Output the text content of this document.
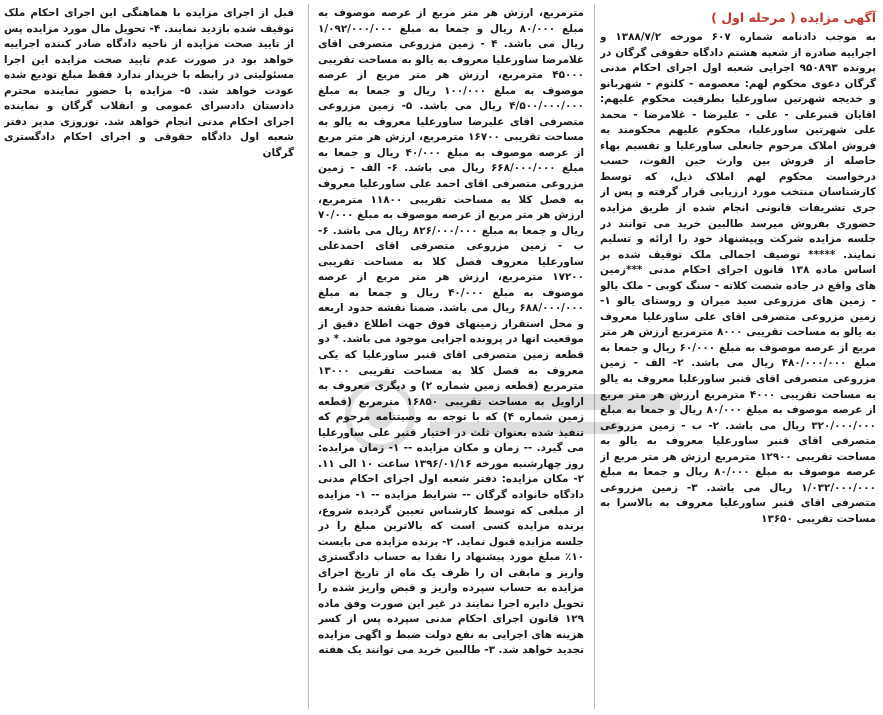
آگهی مزایده ( مرحله اول )
به موجب دادنامه شماره ۶۰۷ مورخه ۱۳۸۸/۷/۲ و اجراییه صادره از شعبه هشتم دادگاه حقوقی گرگان در پرونده ۹۵۰۸۹۳ اجرایی شعبه اول اجرای احکام مدنی گرگان دعوی محکوم لهم: معصومه - کلثوم - شهربانو و خدیجه شهرتین ساورعلیا بطرفیت محکوم علیهم: اقایان قنبرعلی - علی - علیرضا - غلامرضا - محمد علی شهرتین ساورعلیا، محکوم علیهم محکومند به فروش املاک مرحوم جانعلی ساورعلیا و تقسیم بهاء حاصله از فروش بین وارث حین الفوت، حسب درخواست محکوم لهم املاک ذیل، که توسط کارشناسان منتخب مورد ارزیابی قرار گرفته و پس از جری تشریفات قانونی انجام شده از طریق مزایده حضوری بفروش میرسد طالبین خرید می توانند در جلسه مزایده شرکت وپیشنهاد خود را ارائه و تسلیم نمایند. ***** توصیف اجمالی ملک توقیف شده بر اساس ماده ۱۳۸ قانون اجرای احکام مدنی ***زمین های واقع در جاده شصت کلاته - سنگ کوبی - ملک یالو - زمین های مزروعی سید میران و روستای یالو ۱- زمین مزروعی متصرفی اقای علی ساورعلیا معروف به یالو به مساحت تقریبی ۸۰۰۰ مترمربع ارزش هر متر مربع از عرصه موصوف به مبلغ ۶۰/۰۰۰ ریال و جمعا به مبلغ ۴۸۰/۰۰۰/۰۰۰ ریال می باشد. ۲- الف - زمین مزروعی متصرفی اقای قنبر ساورعلیا معروف به یالو به مساحت تقریبی ۴۰۰۰ مترمربع ارزش هر متر مربع از عرصه موصوف به مبلغ ۸۰/۰۰۰ ریال و جمعا به مبلغ ۳۲۰/۰۰۰/۰۰۰ ریال می باشد. ۲- ب - زمین مزروعی متصرفی اقای قنبر ساورعلیا معروف به یالو به مساحت تقریبی ۱۲۹۰۰ مترمربع ارزش هر متر مربع از عرصه موصوف به مبلغ ۸۰/۰۰۰ ریال و جمعا به مبلغ ۱/۰۳۲/۰۰۰/۰۰۰ ریال می باشد. ۳- زمین مزروعی متصرفی اقای قنبر ساورعلیا معروف به بالاسرا به مساحت تقریبی ۱۳۶۵۰
مترمربع، ارزش هر متر مربع از عرصه موصوف به مبلغ ۸۰/۰۰۰ ریال و جمعا به مبلغ ۱/۰۹۲/۰۰۰/۰۰۰ ریال می باشد. ۴ - زمین مزروعی متصرفی اقای غلامرضا ساورعلیا معروف به یالو به مساحت تقریبی ۴۵۰۰۰ مترمربع، ارزش هر متر مربع از عرصه موصوف به مبلغ ۱۰۰/۰۰۰ ریال و جمعا به مبلغ ۴/۵۰۰/۰۰۰/۰۰۰ ریال می باشد. ۵- زمین مزروعی متصرفی اقای علیرضا ساورعلیا معروف به یالو به مساحت تقریبی ۱۶۷۰۰ مترمربع، ارزش هر متر مربع از عرصه موصوف به مبلغ ۴۰/۰۰۰ ریال و جمعا به مبلغ ۶۶۸/۰۰۰/۰۰۰ ریال می باشد. ۶- الف - زمین مزروعی متصرفی اقای احمد علی ساورعلیا معروف به فصل کلا به مساحت تقریبی ۱۱۸۰۰ مترمربع، ارزش هر متر مربع از عرصه موصوف به مبلغ ۷۰/۰۰۰ ریال و جمعا به مبلغ ۸۲۶/۰۰۰/۰۰۰ ریال می باشد. ۶- ب - زمین مزروعی متصرفی اقای احمدعلی ساورعلیا معروف فصل کلا به مساحت تقریبی ۱۷۲۰۰ مترمربع، ارزش هر متر مربع از عرصه موصوف به مبلغ ۴۰/۰۰۰ ریال و جمعا به مبلغ ۶۸۸/۰۰۰/۰۰۰ ریال می باشد. ضمنا نقشه حدود اربعه و محل استقرار زمینهای فوق جهت اطلاع دقیق از موقعیت انها در پرونده اجرایی موجود می باشد. * دو قطعه زمین متصرفی اقای قنبر ساورعلیا که یکی معروف به فصل کلا به مساحت تقریبی ۱۳۰۰۰ مترمربع (قطعه زمین شماره ۲) و دیگری معروف به اراویل به مساحت تقریبی ۱۶۸۵۰ مترمربع (قطعه زمین شماره ۴) که با توجه به وصیتنامه مرحوم که تنفیذ شده بعنوان ثلث در اختیار قنبر علی ساورعلیا می گیرد. -- زمان و مکان مزایده -- ۱- زمان مزایده: روز چهارشنبه مورخه ۱۳۹۶/۰۱/۱۶ ساعت ۱۰ الی ۱۱. ۲- مکان مزایده: دفتر شعبه اول اجرای احکام مدنی دادگاه خانواده گرگان -- شرایط مزایده -- ۱- مزایده از مبلغی که توسط کارشناس تعیین گردیده شروع، برنده مزایده کسی است که بالاترین مبلغ را در جلسه مزایده قبول نماید. ۲- برنده مزایده می بایست ۱۰٪ مبلغ مورد پیشنهاد را نقدا به حساب دادگستری واریز و مابقی ان را ظرف یک ماه از تاریخ اجرای مزایده به حساب سپرده واریز و قبض واریز شده را تحویل دایره اجرا نمایند در غیر این صورت وفق ماده ۱۲۹ قانون اجرای احکام مدنی سپرده پس از کسر هزینه های اجرایی به نفع دولت ضبط و اگهی مزایده تجدید خواهد شد. ۳- طالبین خرید می توانند یک هفته
قبل از اجرای مزایده با هماهنگی این اجرای احکام ملک توقیف شده بازدید نمایند. ۴- تحویل مال مورد مزایده پس از تایید صحت مزایده از ناحیه دادگاه صادر کننده اجراییه خواهد بود در صورت عدم تایید صحت مزایده این اجرا مسئولیتی در رابطه با خریدار ندارد فقط مبلغ تودیع شده عودت خواهد شد. ۵- مزایده با حضور نماینده محترم دادستان دادسرای عمومی و انقلاب گرگان و نماینده اجرای احکام مدنی انجام خواهد شد. نوروزی مدیر دفتر شعبه اول دادگاه حقوقی و اجرای احکام دادگستری گرگان
